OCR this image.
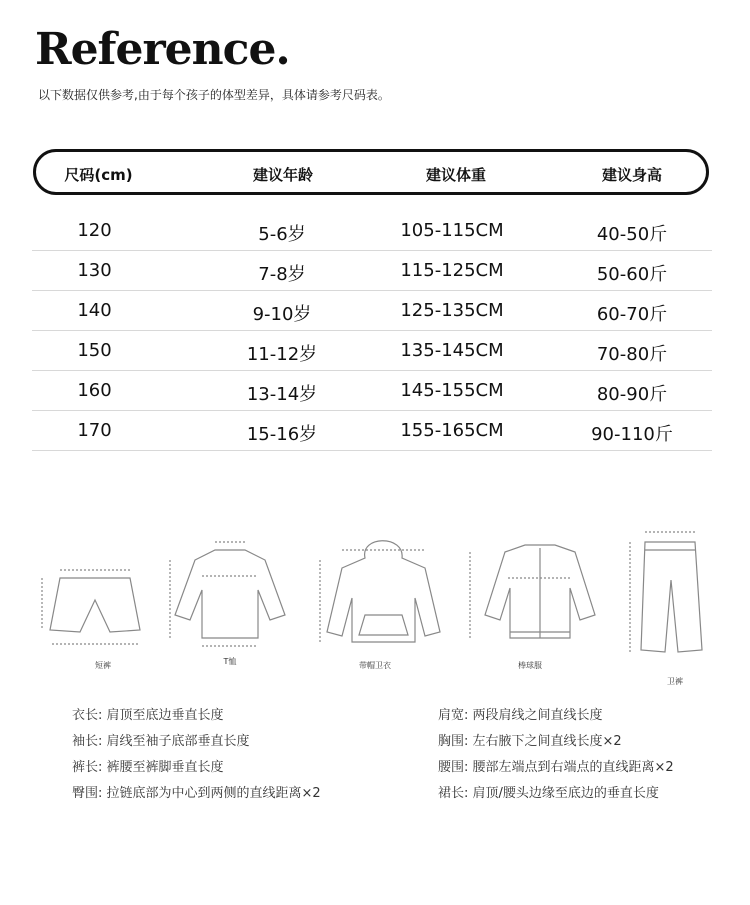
Reference.
以下数据仅供参考,由于每个孩子的体型差异，具体请参考尺码表。
尺码(cm)	建议年龄	建议体重	建议身高
120	5-6岁	105-115CM	40-50斤
130	7-8岁	115-125CM	50-60斤
140	9-10岁	125-135CM	60-70斤
150	11-12岁	135-145CM	70-80斤
160	13-14岁	145-155CM	80-90斤
170	15-16岁	155-165CM	90-110斤
短裤	T恤	带帽卫衣	棒球服
卫裤
衣长: 肩顶至底边垂直长度
袖长: 肩线至袖子底部垂直长度
裤长: 裤腰至裤脚垂直长度
臀围: 拉链底部为中心到两侧的直线距离×2
肩宽: 两段肩线之间直线长度
胸围: 左右腋下之间直线长度×2
腰围: 腰部左端点到右端点的直线距离×2
裙长: 肩顶/腰头边缘至底边的垂直长度
